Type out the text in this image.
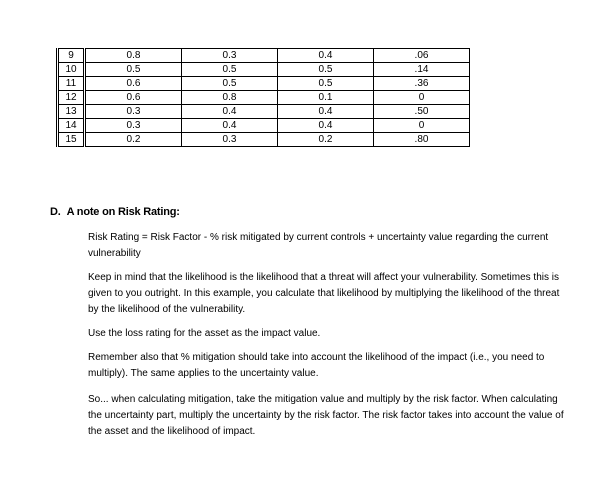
9	0.8	0.3	0.4	.06
10	0.5	0.5	0.5	.14
11	0.6	0.5	0.5	.36
12	0.6	0.8	0.1	0
13	0.3	0.4	0.4	.50
14	0.3	0.4	0.4	0
15	0.2	0.3	0.2	.80
D. A note on Risk Rating:

Risk Rating = Risk Factor - % risk mitigated by current controls + uncertainty value regarding the current vulnerability

Keep in mind that the likelihood is the likelihood that a threat will affect your vulnerability. Sometimes this is given to you outright. In this example, you calculate that likelihood by multiplying the likelihood of the threat by the likelihood of the vulnerability.

Use the loss rating for the asset as the impact value.

Remember also that % mitigation should take into account the likelihood of the impact (i.e., you need to multiply). The same applies to the uncertainty value.

So... when calculating mitigation, take the mitigation value and multiply by the risk factor. When calculating the uncertainty part, multiply the uncertainty by the risk factor. The risk factor takes into account the value of the asset and the likelihood of impact.
